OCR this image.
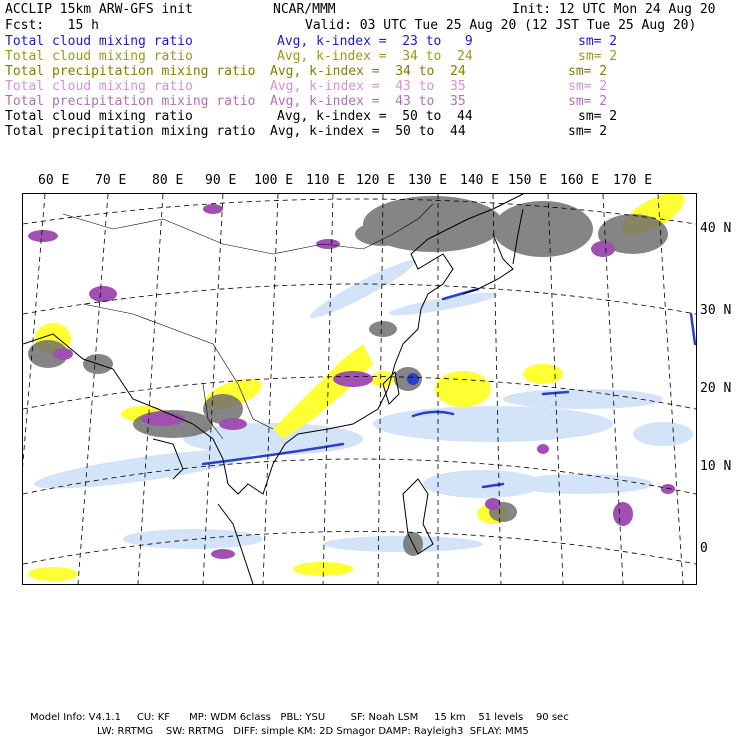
ACCLIP 15km ARW-GFS init	NCAR/MMM	Init: 12 UTC Mon 24 Aug 20
Fcst:   15 h	Valid: 03 UTC Tue 25 Aug 20 (12 JST Tue 25 Aug 20)
Total cloud mixing ratio	Avg, k-index =  23 to   9	sm= 2
Total cloud mixing ratio	Avg, k-index =  34 to  24	sm= 2
Total precipitation mixing ratio Avg, k-index =  34 to  24	sm= 2
Total cloud mixing ratio	Avg, k-index =  43 to  35	sm= 2
Total precipitation mixing ratio Avg, k-index =  43 to  35	sm= 2
Total cloud mixing ratio	Avg, k-index =  50 to  44	sm= 2
Total precipitation mixing ratio Avg, k-index =  50 to  44	sm= 2
60 E 70 E 80 E 90 E 100 E 110 E 120 E 130 E 140 E 150 E 160 E 170 E
40 N
30 N
20 N
10 N
0
Model Info: V4.1.1     CU: KF      MP: WDM 6class   PBL: YSU        SF: Noah LSM     15 km    51 levels    90 sec
LW: RRTMG    SW: RRTMG   DIFF: simple KM: 2D Smagor DAMP: Rayleigh3  SFLAY: MM5
